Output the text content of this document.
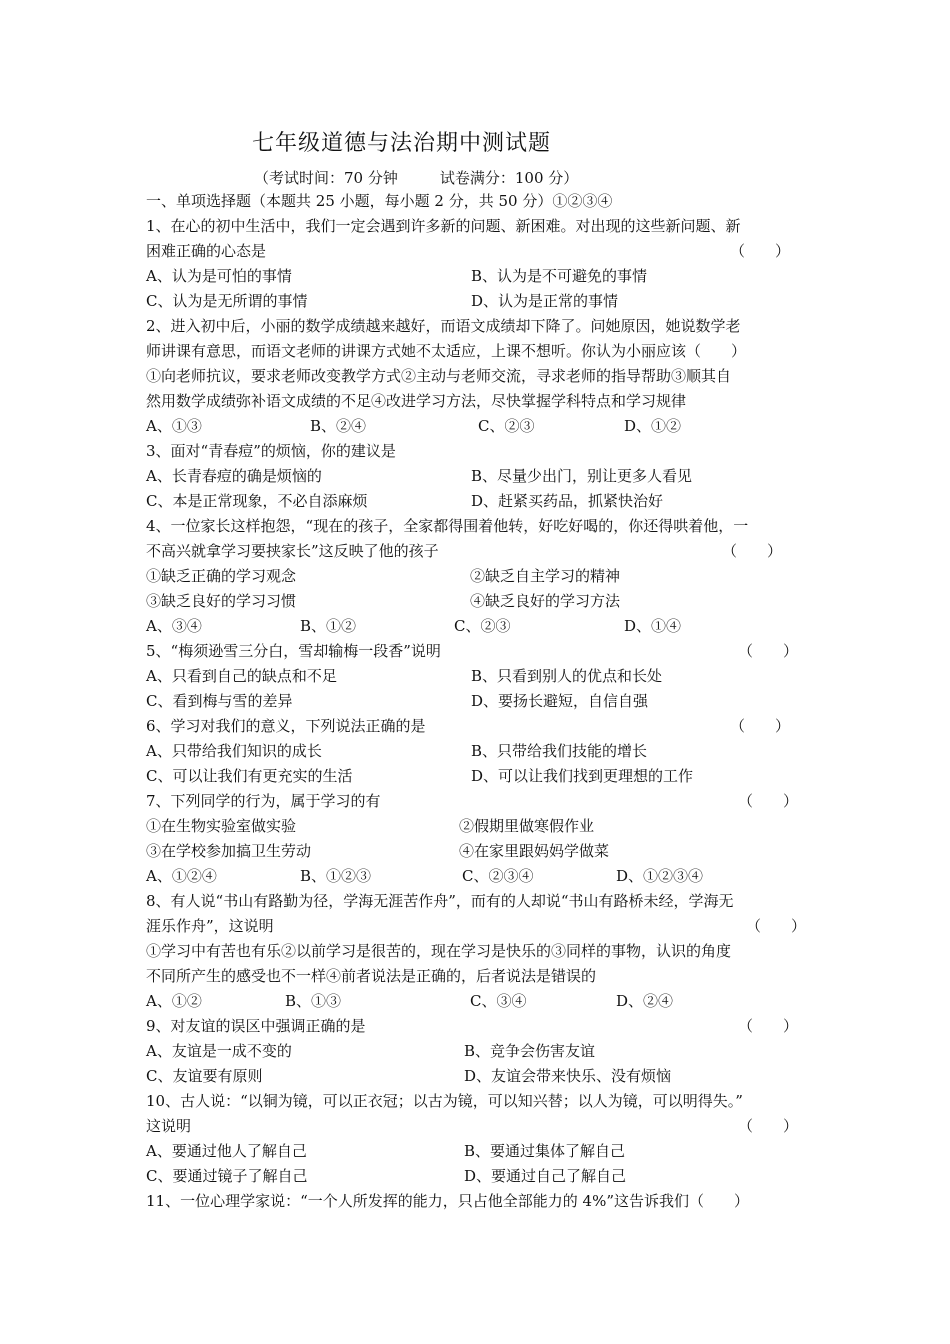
七年级道德与法治期中测试题
（考试时间：70 分钟	试卷满分：100 分）
一、单项选择题（本题共 25 小题，每小题 2 分，共 50 分）①②③④
1、在心的初中生活中，我们一定会遇到许多新的问题、新困难。对出现的这些新问题、新
困难正确的心态是	（　　）
A、认为是可怕的事情	B、认为是不可避免的事情
C、认为是无所谓的事情	D、认为是正常的事情
2、进入初中后，小丽的数学成绩越来越好，而语文成绩却下降了。问她原因，她说数学老
师讲课有意思，而语文老师的讲课方式她不太适应，上课不想听。你认为小丽应该（　　）
①向老师抗议，要求老师改变教学方式②主动与老师交流，寻求老师的指导帮助③顺其自
然用数学成绩弥补语文成绩的不足④改进学习方法，尽快掌握学科特点和学习规律
A、①③	B、②④	C、②③	D、①②
3、面对“青春痘”的烦恼，你的建议是
A、长青春痘的确是烦恼的	B、尽量少出门，别让更多人看见
C、本是正常现象，不必自添麻烦	D、赶紧买药品，抓紧快治好
4、一位家长这样抱怨，“现在的孩子，全家都得围着他转，好吃好喝的，你还得哄着他，一
不高兴就拿学习要挟家长”这反映了他的孩子	（　　）
①缺乏正确的学习观念	②缺乏自主学习的精神
③缺乏良好的学习习惯	④缺乏良好的学习方法
A、③④	B、①②	C、②③	D、①④
5、“梅须逊雪三分白，雪却输梅一段香”说明	（　　）
A、只看到自己的缺点和不足	B、只看到别人的优点和长处
C、看到梅与雪的差异	D、要扬长避短，自信自强
6、学习对我们的意义，下列说法正确的是	（　　）
A、只带给我们知识的成长	B、只带给我们技能的增长
C、可以让我们有更充实的生活	D、可以让我们找到更理想的工作
7、下列同学的行为，属于学习的有	（　　）
①在生物实验室做实验	②假期里做寒假作业
③在学校参加搞卫生劳动	④在家里跟妈妈学做菜
A、①②④	B、①②③	C、②③④	D、①②③④
8、有人说“书山有路勤为径，学海无涯苦作舟”，而有的人却说“书山有路桥未经，学海无
涯乐作舟”，这说明	（　　）
①学习中有苦也有乐②以前学习是很苦的，现在学习是快乐的③同样的事物，认识的角度
不同所产生的感受也不一样④前者说法是正确的，后者说法是错误的
A、①②	B、①③	C、③④	D、②④
9、对友谊的误区中强调正确的是	（　　）
A、友谊是一成不变的	B、竞争会伤害友谊
C、友谊要有原则	D、友谊会带来快乐、没有烦恼
10、古人说：“以铜为镜，可以正衣冠；以古为镜，可以知兴替；以人为镜，可以明得失。”
这说明	（　　）
A、要通过他人了解自己	B、要通过集体了解自己
C、要通过镜子了解自己	D、要通过自己了解自己
11、一位心理学家说：“一个人所发挥的能力，只占他全部能力的 4%”这告诉我们（　　）
